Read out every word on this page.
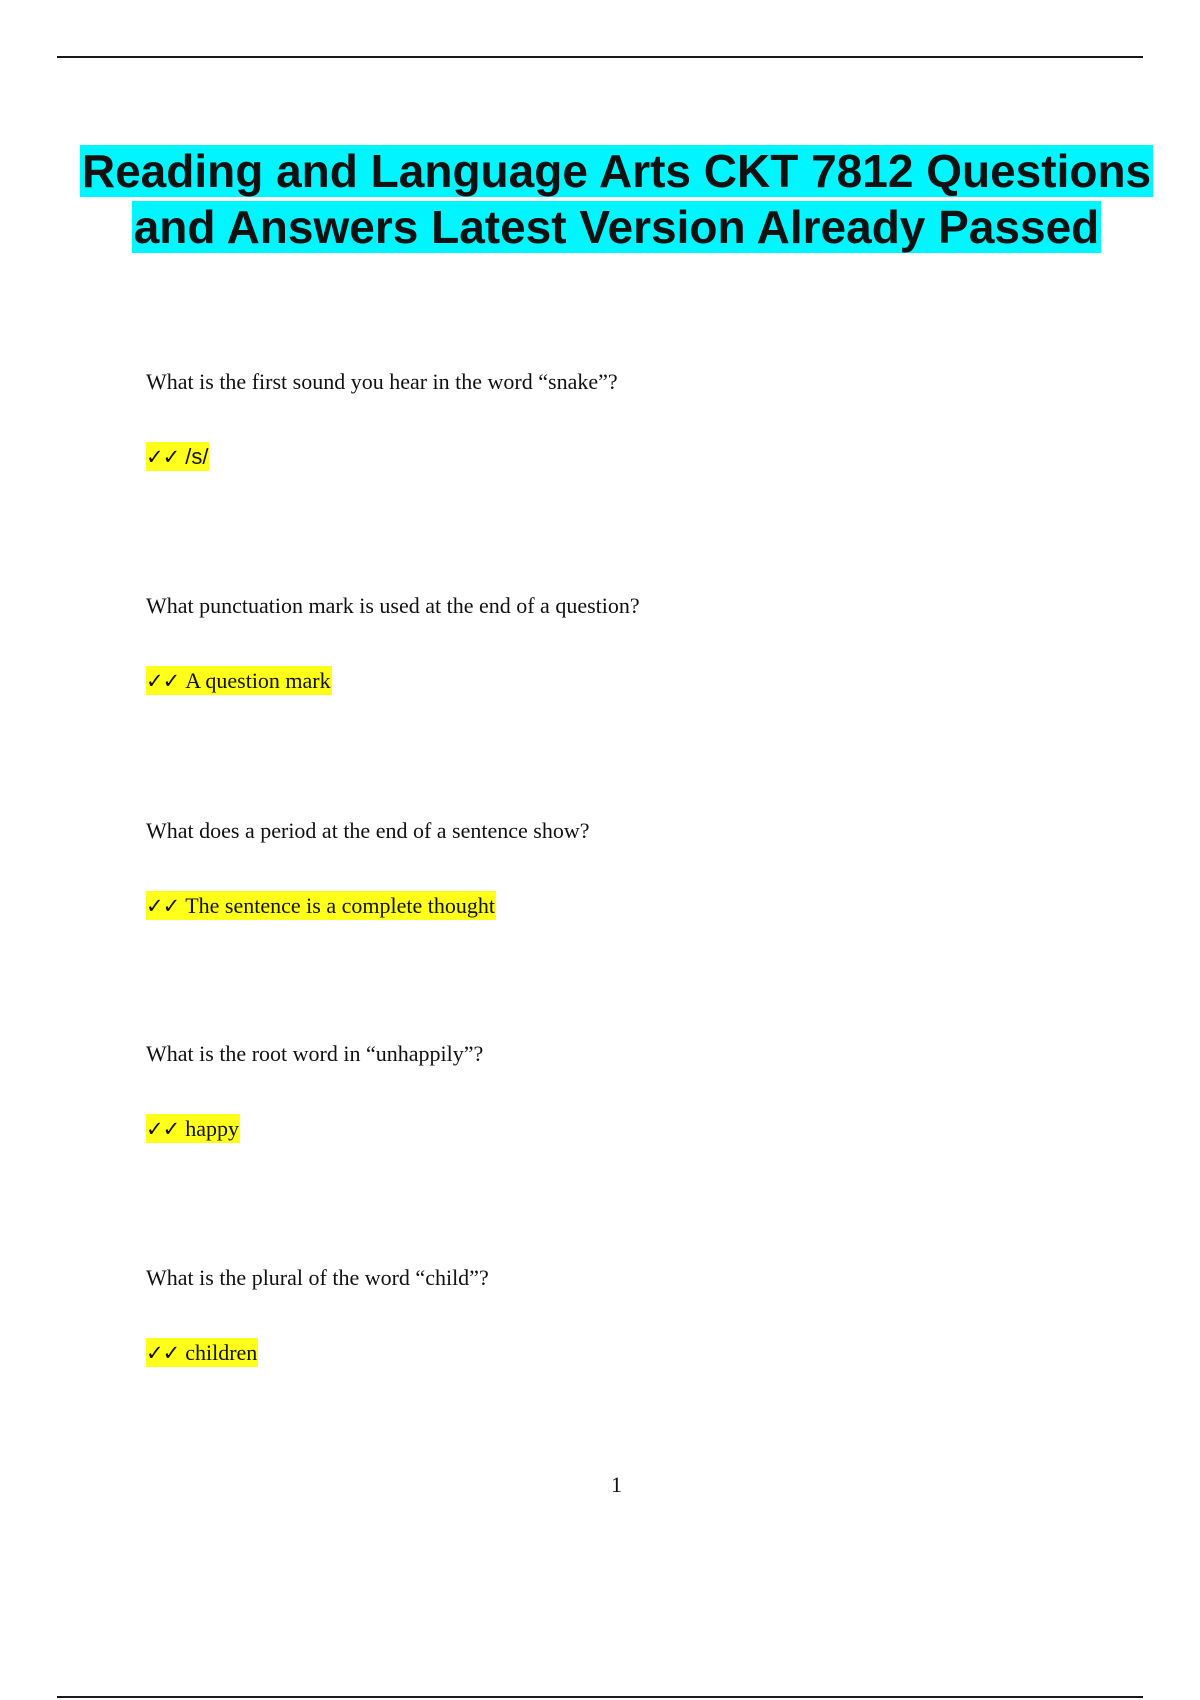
Reading and Language Arts CKT 7812 Questions and Answers Latest Version Already Passed

What is the first sound you hear in the word “snake”?

✓✓ /s/

What punctuation mark is used at the end of a question?

✓✓ A question mark

What does a period at the end of a sentence show?

✓✓ The sentence is a complete thought

What is the root word in “unhappily”?

✓✓ happy

What is the plural of the word “child”?

✓✓ children

1
